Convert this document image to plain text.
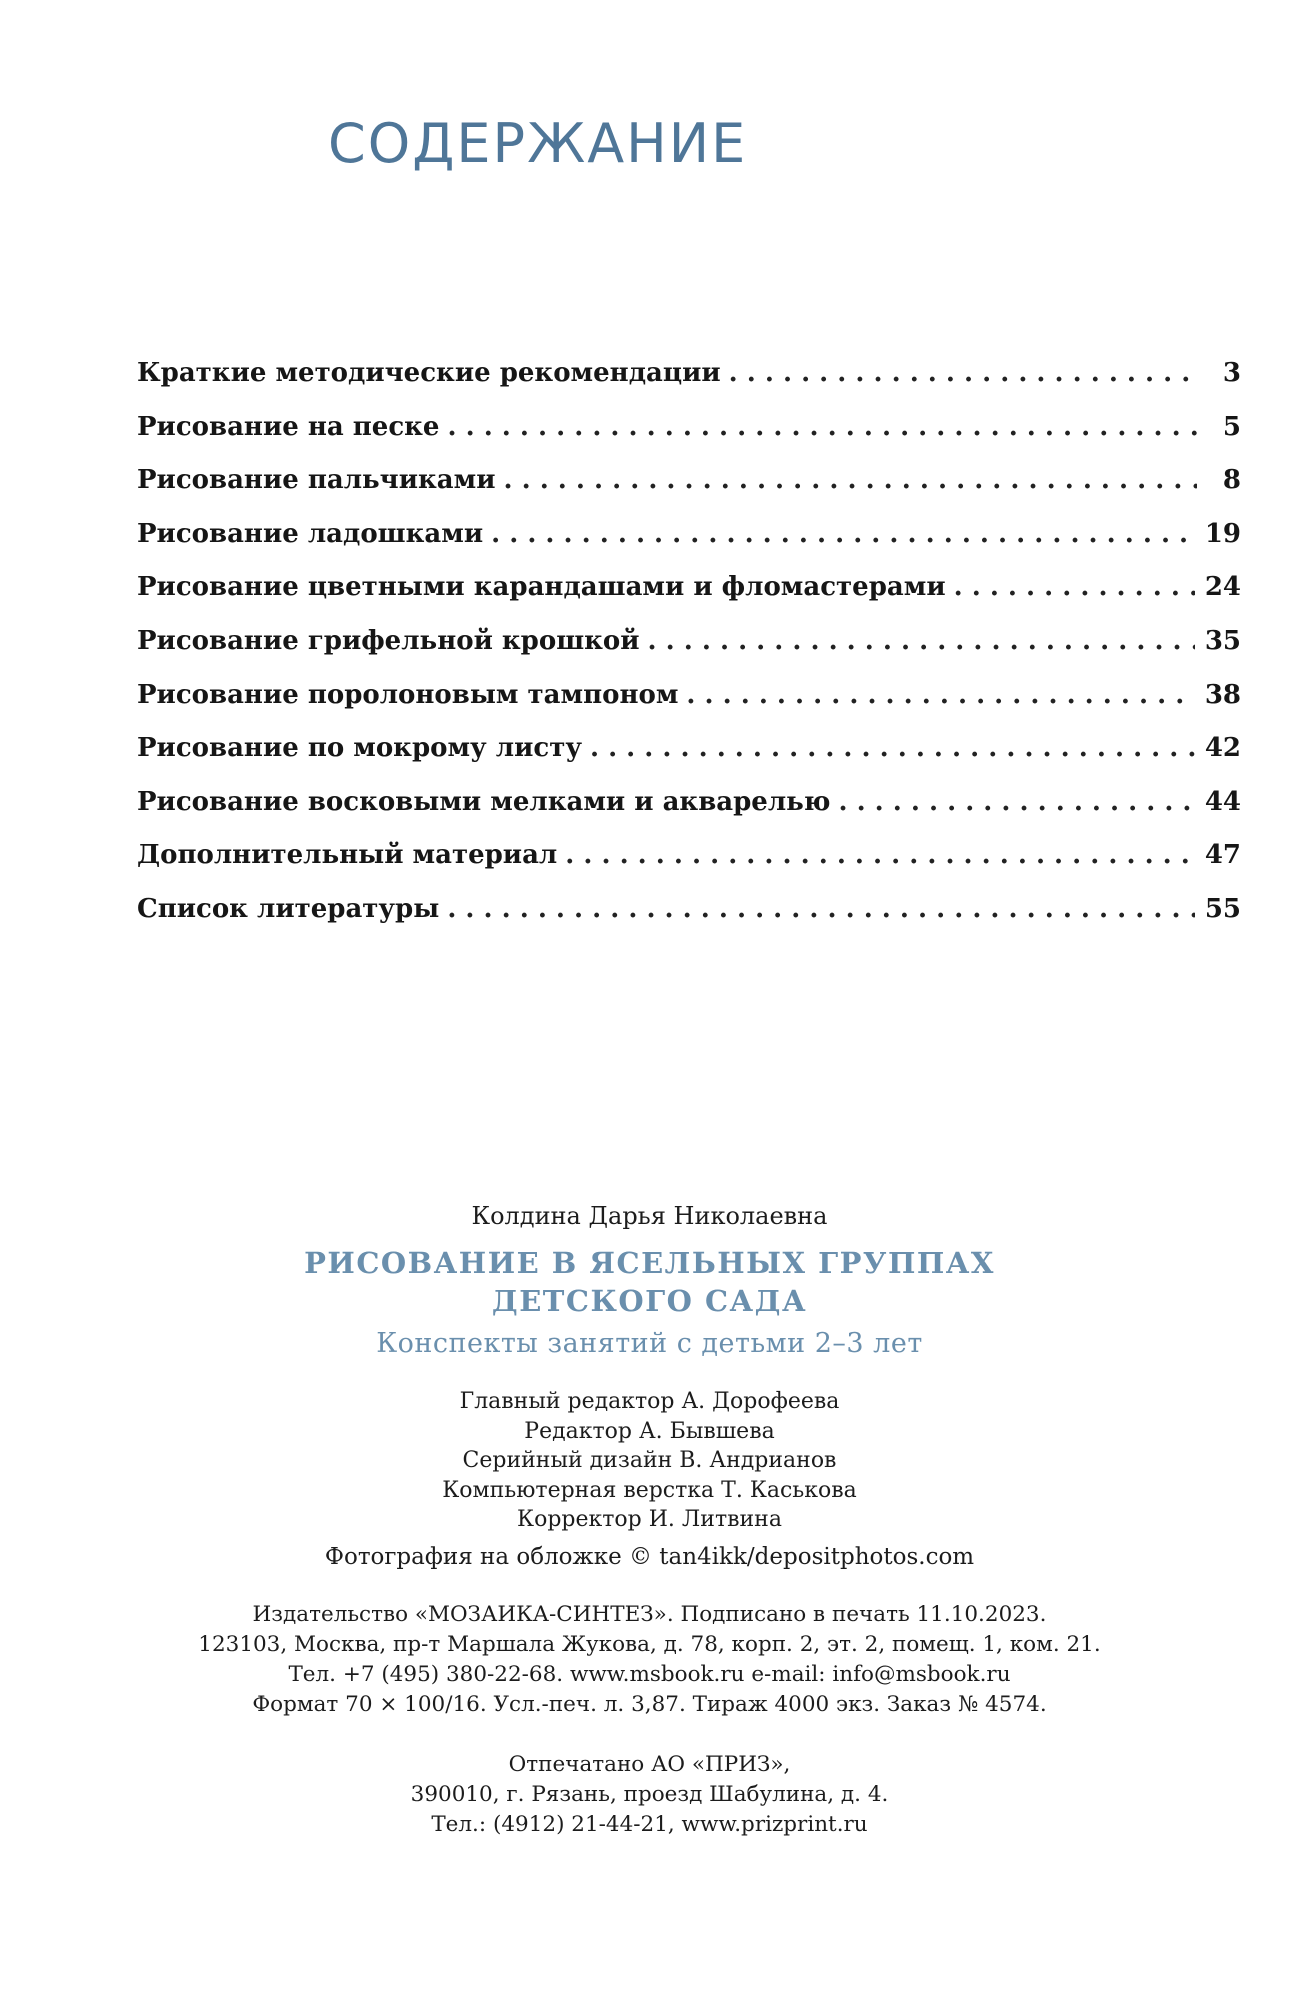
СОДЕРЖАНИЕ
Краткие методические рекомендации . . .	3
Рисование на песке . . .	5
Рисование пальчиками . . .	8
Рисование ладошками . . .	19
Рисование цветными карандашами и фломастерами . . .	24
Рисование грифельной крошкой . . .	35
Рисование поролоновым тампоном . . .	38
Рисование по мокрому листу . . .	42
Рисование восковыми мелками и акварелью . . .	44
Дополнительный материал . . .	47
Список литературы . . .	55

Колдина Дарья Николаевна

РИСОВАНИЕ В ЯСЕЛЬНЫХ ГРУППАХ
ДЕТСКОГО САДА

Конспекты занятий с детьми 2–3 лет

Главный редактор А. Дорофеева
Редактор А. Бывшева
Серийный дизайн В. Андрианов
Компьютерная верстка Т. Каськова
Корректор И. Литвина

Фотография на обложке © tan4ikk/depositphotos.com

Издательство «МОЗАИКА-СИНТЕЗ». Подписано в печать 11.10.2023.
123103, Москва, пр-т Маршала Жукова, д. 78, корп. 2, эт. 2, помещ. 1, ком. 21.
Тел. +7 (495) 380-22-68. www.msbook.ru e-mail: info@msbook.ru
Формат 70 × 100/16. Усл.-печ. л. 3,87. Тираж 4000 экз. Заказ № 4574.
Отпечатано АО «ПРИЗ»,
390010, г. Рязань, проезд Шабулина, д. 4.
Тел.: (4912) 21-44-21, www.prizprint.ru
